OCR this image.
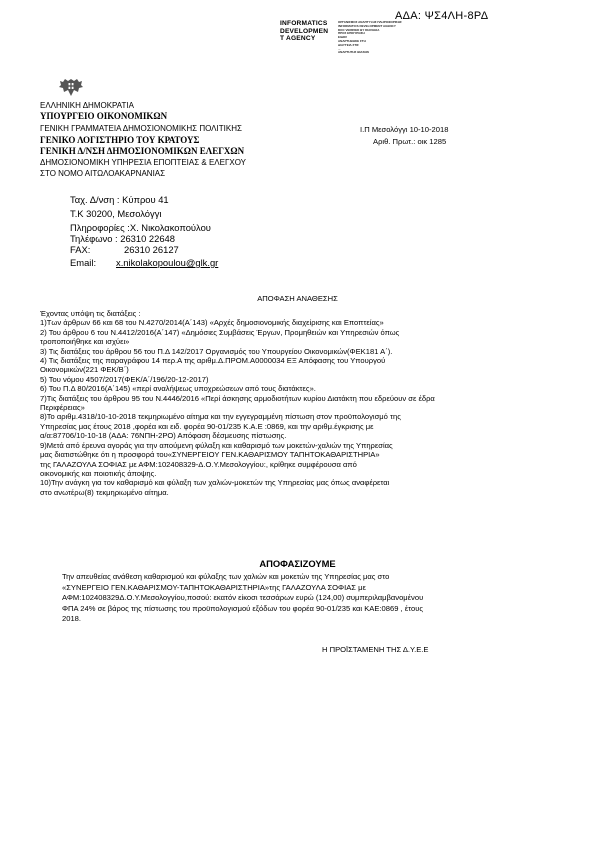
ΑΔΑ: ΨΣ4ΛΗ-8ΡΔ
INFORMATICS
DEVELOPMEN
T AGENCY
ΟΡΓΑΝΙΣΜΟΣ ΑΝΑΠΤΥΞΗΣ ΠΛΗΡΟΦΟΡΙΚΗΣ
INFORMATICS DEVELOPMENT AGENCY
DOC VERIFIED BY DIAVGEIA
ΠΡΟΣ ΕΠΙΚΥΡΩΣΗ
ΕΙΔΟΣ
ΑΝΑΡΤΗΘΗΚΕ ΣΤΗ
ΔΙΑΥΓΕΙΑ ΣΤΙΣ
...
ΑΝΑΡΤΗΤΗΣ ΘΙΑΣΩΝ
ΕΛΛΗΝΙΚΗ ΔΗΜΟΚΡΑΤΙΑ
ΥΠΟΥΡΓΕΙΟ ΟΙΚΟΝΟΜΙΚΩΝ
ΓΕΝΙΚΗ ΓΡΑΜΜΑΤΕΙΑ ΔΗΜΟΣΙΟΝΟΜΙΚΗΣ ΠΟΛΙΤΙΚΗΣ
ΓΕΝΙΚΟ ΛΟΓΙΣΤΗΡΙΟ ΤΟΥ ΚΡΑΤΟΥΣ
ΓΕΝΙΚΗ Δ/ΝΣΗ ΔΗΜΟΣΙΟΝΟΜΙΚΩΝ ΕΛΕΓΧΩΝ
ΔΗΜΟΣΙΟΝΟΜΙΚΗ ΥΠΗΡΕΣΙΑ ΕΠΟΠΤΕΙΑΣ & ΕΛΕΓΧΟΥ
ΣΤΟ ΝΟΜΟ ΑΙΤΩΛΟΑΚΑΡΝΑΝΙΑΣ
Ι.Π Μεσολόγγι 10-10-2018
Αριθ. Πρωτ.: οικ 1285
Ταχ. Δ/νση : Κύπρου 41
Τ.Κ 30200, Μεσολόγγι
Πληροφορίες :Χ. Νικολακοπούλου
Τηλέφωνο : 26310 22648
FAX:	26310 26127
Email: x.nikolakopoulou@glk.gr
ΑΠΟΦΑΣΗ ΑΝΑΘΕΣΗΣ

Έχοντας υπόψη τις διατάξεις :

1)Των άρθρων 66 και 68 του Ν.4270/2014(Α΄143) «Αρχές δημοσιονομικής διαχείρισης και Εποπτείας»

2) Του άρθρου 6 του Ν.4412/2016(Α΄147) «Δημόσιες Συμβάσεις Έργων, Προμηθειών και Υπηρεσιών όπως

τροποποιήθηκε και ισχύει»

3) Τις διατάξεις του άρθρου 56 του Π.Δ 142/2017 Οργανισμός του Υπουργείου Οικονομικών(ΦΕΚ181 Α΄).

4) Τις διατάξεις της παραγράφου 14 περ.Α της αριθμ.Δ.ΠΡΟΜ.Α0000034 ΕΞ Απόφασης του Υπουργού

Οικονομικών(221 ΦΕΚ/Β΄)

5) Του νόμου 4507/2017(ΦΕΚ/Α΄/196/20-12-2017)

6) Του Π.Δ 80/2016(Α΄145) «περί αναλήψεως υποχρεώσεων από τους διατάκτες».

7)Τις διατάξεις του άρθρου 95 του Ν.4446/2016 «Περί άσκησης αρμοδιοτήτων κυρίου Διατάκτη που εδρεύουν σε έδρα

Περιφέρειας»

8)Το αριθμ.4318/10-10-2018 τεκμηριωμένο αίτημα και την εγγεγραμμένη πίστωση στον προϋπολογισμό της

Υπηρεσίας μας έτους 2018 ,φορέα και ειδ. φορέα 90-01/235 Κ.Α.Ε :0869, και την αριθμ.έγκρισης με

α/α:87706/10-10-18 (ΑΔΑ: 76ΝΠΗ-2ΡΟ) Απόφαση δέσμευσης πίστωσης.

9)Μετά από έρευνα αγοράς για την απούμενη φύλαξη και καθαρισμό των μοκετών-χαλιών της Υπηρεσίας

μας διατιστώθηκε ότι η προσφορά του«ΣΥΝΕΡΓΕΙΟΥ ΓΕΝ.ΚΑΘΑΡΙΣΜΟΥ ΤΑΠΗΤΟΚΑΘΑΡΙΣΤΗΡΙΑ»

της ΓΑΛΑΖΟΥΛΑ ΣΟΦΙΑΣ με ΑΦΜ:102408329-Δ.Ο.Υ.Μεσολογγίου:, κρίθηκε συμφέρουσα από

οικονομικής και ποιοτικής άποψης.

10)Την ανάγκη για τον καθαρισμό και φύλαξη των χαλιών-μοκετών της Υπηρεσίας μας όπως αναφέρεται

στο ανωτέρω(8) τεκμηριωμένο αίτημα.

ΑΠΟΦΑΣΙΖΟΥΜΕ

Την απευθείας ανάθεση καθαρισμού και φύλαξης των χαλιών και μοκετών της Υπηρεσίας μας στο

«ΣΥΝΕΡΓΕΙΟ ΓΕΝ.ΚΑΘΑΡΙΣΜΟΥ-ΤΑΠΗΤΟΚΑΘΑΡΙΣΤΗΡΙΑ»της ΓΑΛΑΖΟΥΛΑ ΣΟΦΙΑΣ με

ΑΦΜ:102408329Δ.Ο.Υ.Μεσολογγίου,ποσού: εκατόν είκοσι τεσσάρων ευρώ (124,00) συμπεριλαμβανομένου

ΦΠΑ 24% σε βάρος της πίστωσης του προϋπολογισμού εξόδων του φορέα 90-01/235 και ΚΑΕ:0869 , έτους

2018.

Η ΠΡΟΪΣΤΑΜΕΝΗ ΤΗΣ Δ.Υ.Ε.Ε
